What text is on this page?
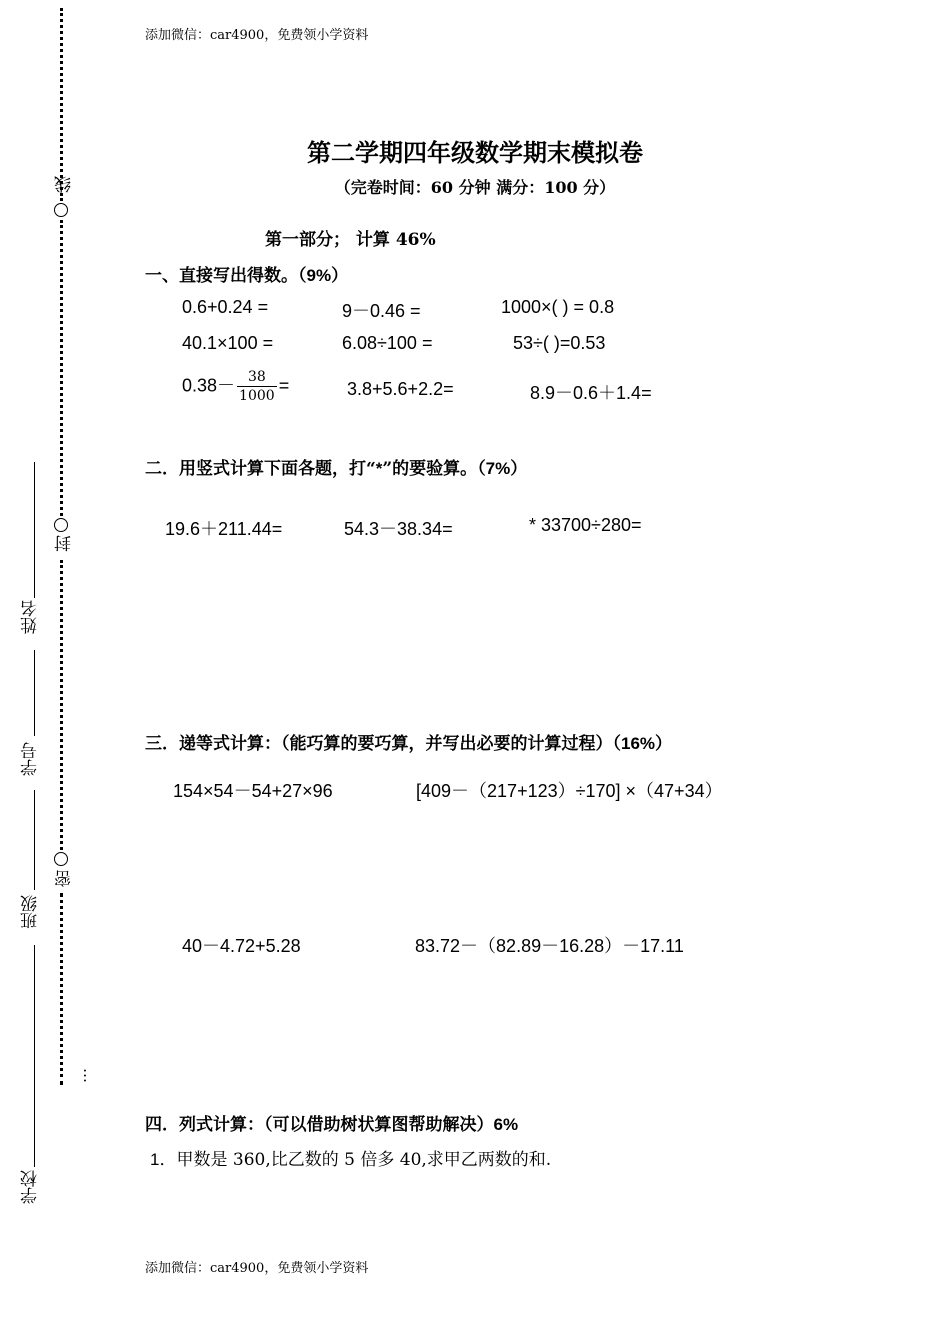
添加微信：car4900，免费领小学资料
添加微信：car4900，免费领小学资料
线
封
密
…
姓名
学号
班级
学校
第二学期四年级数学期末模拟卷
（完卷时间：60 分钟 满分：100 分）
第一部分； 计算 46%
一、直接写出得数。（9%）
0.6+0.24 =	9－0.46 =	1000×( ) = 0.8
40.1×100 =	6.08÷100 =	53÷( )=0.53
$0.38- \frac{38}{1000}$ =	3.8+5.6+2.2=	8.9－0.6＋1.4=
二．用竖式计算下面各题，打“*”的要验算。（7%）
19.6＋211.44=	54.3－38.34=	* 33700÷280=
三．递等式计算：（能巧算的要巧算，并写出必要的计算过程）（16%）
154×54－54+27×96	[409－（217+123）÷170] ×（47+34）
40－4.72+5.28	83.72－（82.89－16.28）－17.11
四．列式计算：（可以借助树状算图帮助解决）6%
1．甲数是 360,比乙数的 5 倍多 40,求甲乙两数的和.
